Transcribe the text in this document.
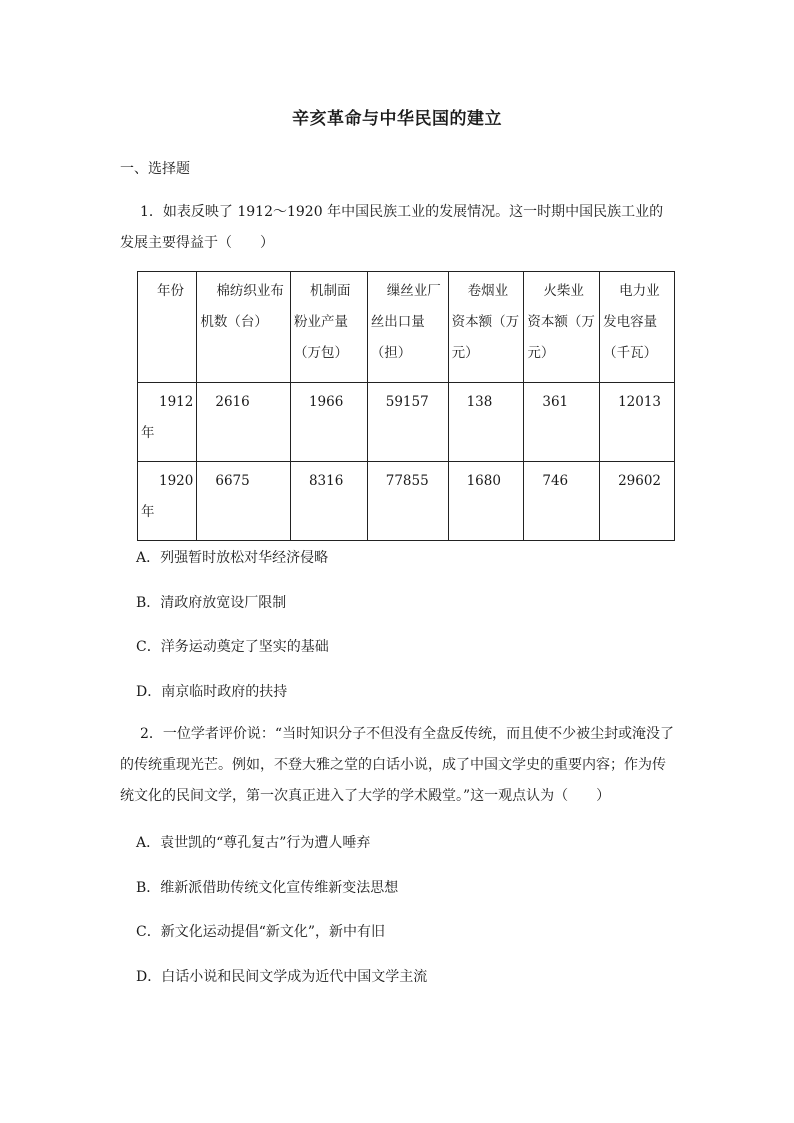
辛亥革命与中华民国的建立
一、选择题
1．如表反映了 1912～1920 年中国民族工业的发展情况。这一时期中国民族工业的发展主要得益于（　　）
年份	棉纺织业布机数（台）	机制面粉业产量（万包）	缫丝业厂丝出口量（担）	卷烟业资本额（万元）	火柴业资本额（万元）	电力业发电容量（千瓦）
1912年	2616	1966	59157	138	361	12013
1920年	6675	8316	77855	1680	746	29602
A．列强暂时放松对华经济侵略
B．清政府放宽设厂限制
C．洋务运动奠定了坚实的基础
D．南京临时政府的扶持
2．一位学者评价说：“当时知识分子不但没有全盘反传统，而且使不少被尘封或淹没了的传统重现光芒。例如，不登大雅之堂的白话小说，成了中国文学史的重要内容；作为传统文化的民间文学，第一次真正进入了大学的学术殿堂。”这一观点认为（　　）
A．袁世凯的“尊孔复古”行为遭人唾弃
B．维新派借助传统文化宣传维新变法思想
C．新文化运动提倡“新文化”，新中有旧
D．白话小说和民间文学成为近代中国文学主流
